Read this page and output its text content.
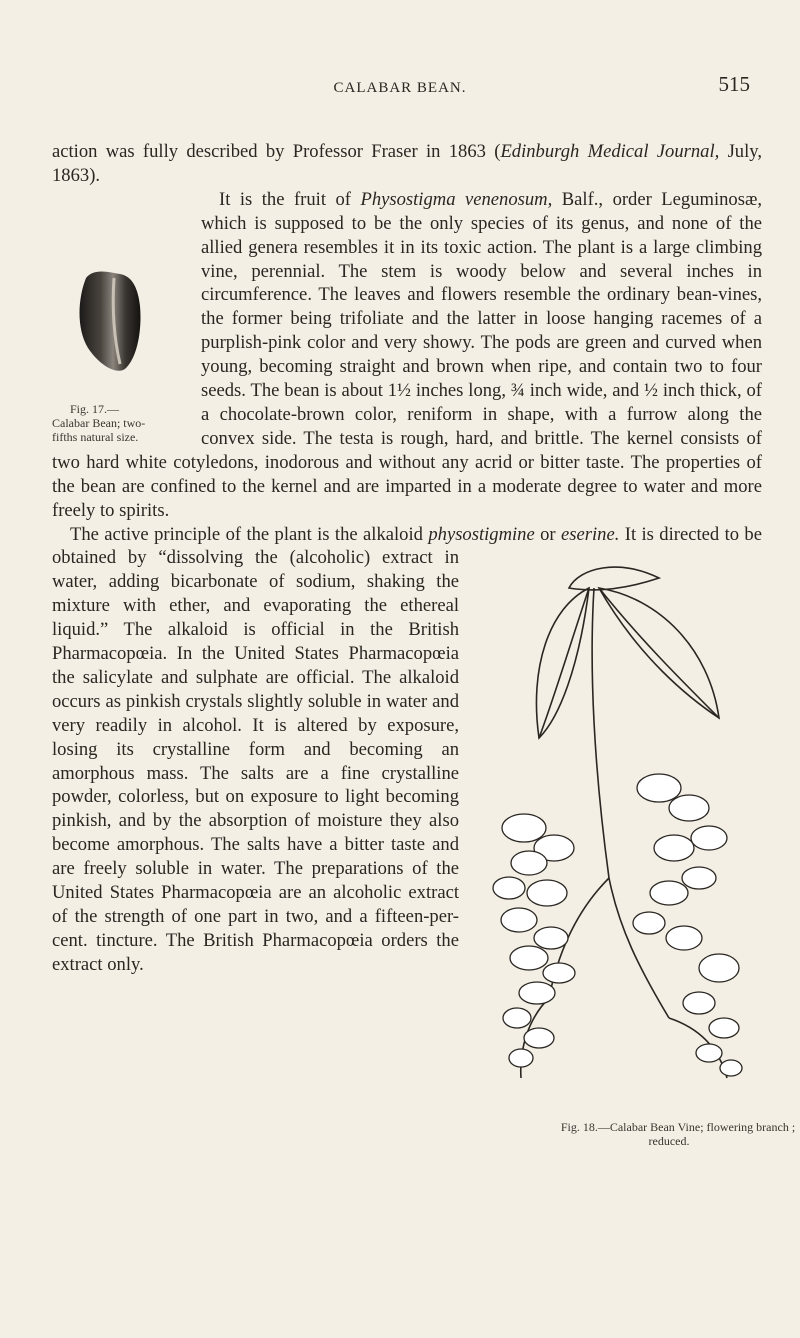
CALABAR BEAN.	515

action was fully described by Professor Fraser in 1863 (Edinburgh Medical Journal, July, 1863).

It is the fruit of Physostigma venenosum,
Fig. 17.—Calabar Bean; two-fifths natural size.
Balf., order Leguminosæ, which is supposed to be the only species of its genus, and none of the allied genera resembles it in its toxic action. The plant is a large climbing vine, perennial. The stem is woody below and several inches in circumference. The leaves and flowers resemble the ordinary bean-vines, the former being trifoliate and the latter in loose hanging racemes of a purplish-pink color and very showy. The pods are green and curved when young, becoming straight and brown when ripe, and contain two to four seeds. The bean is about 1½ inches long, ¾ inch wide, and ½ inch thick, of a chocolate-brown color, reniform in shape, with a furrow along the convex side. The testa is rough, hard, and brittle. The kernel consists of two hard white cotyledons, inodorous and without any acrid or bitter taste. The properties of the bean are confined to the kernel and are imparted in a moderate degree to water and more freely to spirits.

The active principle of the plant is the alkaloid physostigmine or eserine.
Fig. 18.—Calabar Bean Vine; flowering branch ; reduced.
It is directed to be obtained by “dissolving the (alcoholic) extract in water, adding bicarbonate of sodium, shaking the mixture with ether, and evaporating the ethereal liquid.” The alkaloid is official in the British Pharmacopœia. In the United States Pharmacopœia the salicylate and sulphate are official. The alkaloid occurs as pinkish crystals slightly soluble in water and very readily in alcohol. It is altered by exposure, losing its crystalline form and becoming an amorphous mass. The salts are a fine crystalline powder, colorless, but on exposure to light becoming pinkish, and by the absorption of moisture they also become amorphous. The salts have a bitter taste and are freely soluble in water. The preparations of the United States Pharmacopœia are an alcoholic extract of the strength of one part in two, and a fifteen-per-cent. tincture. The British Pharmacopœia orders the extract only.
